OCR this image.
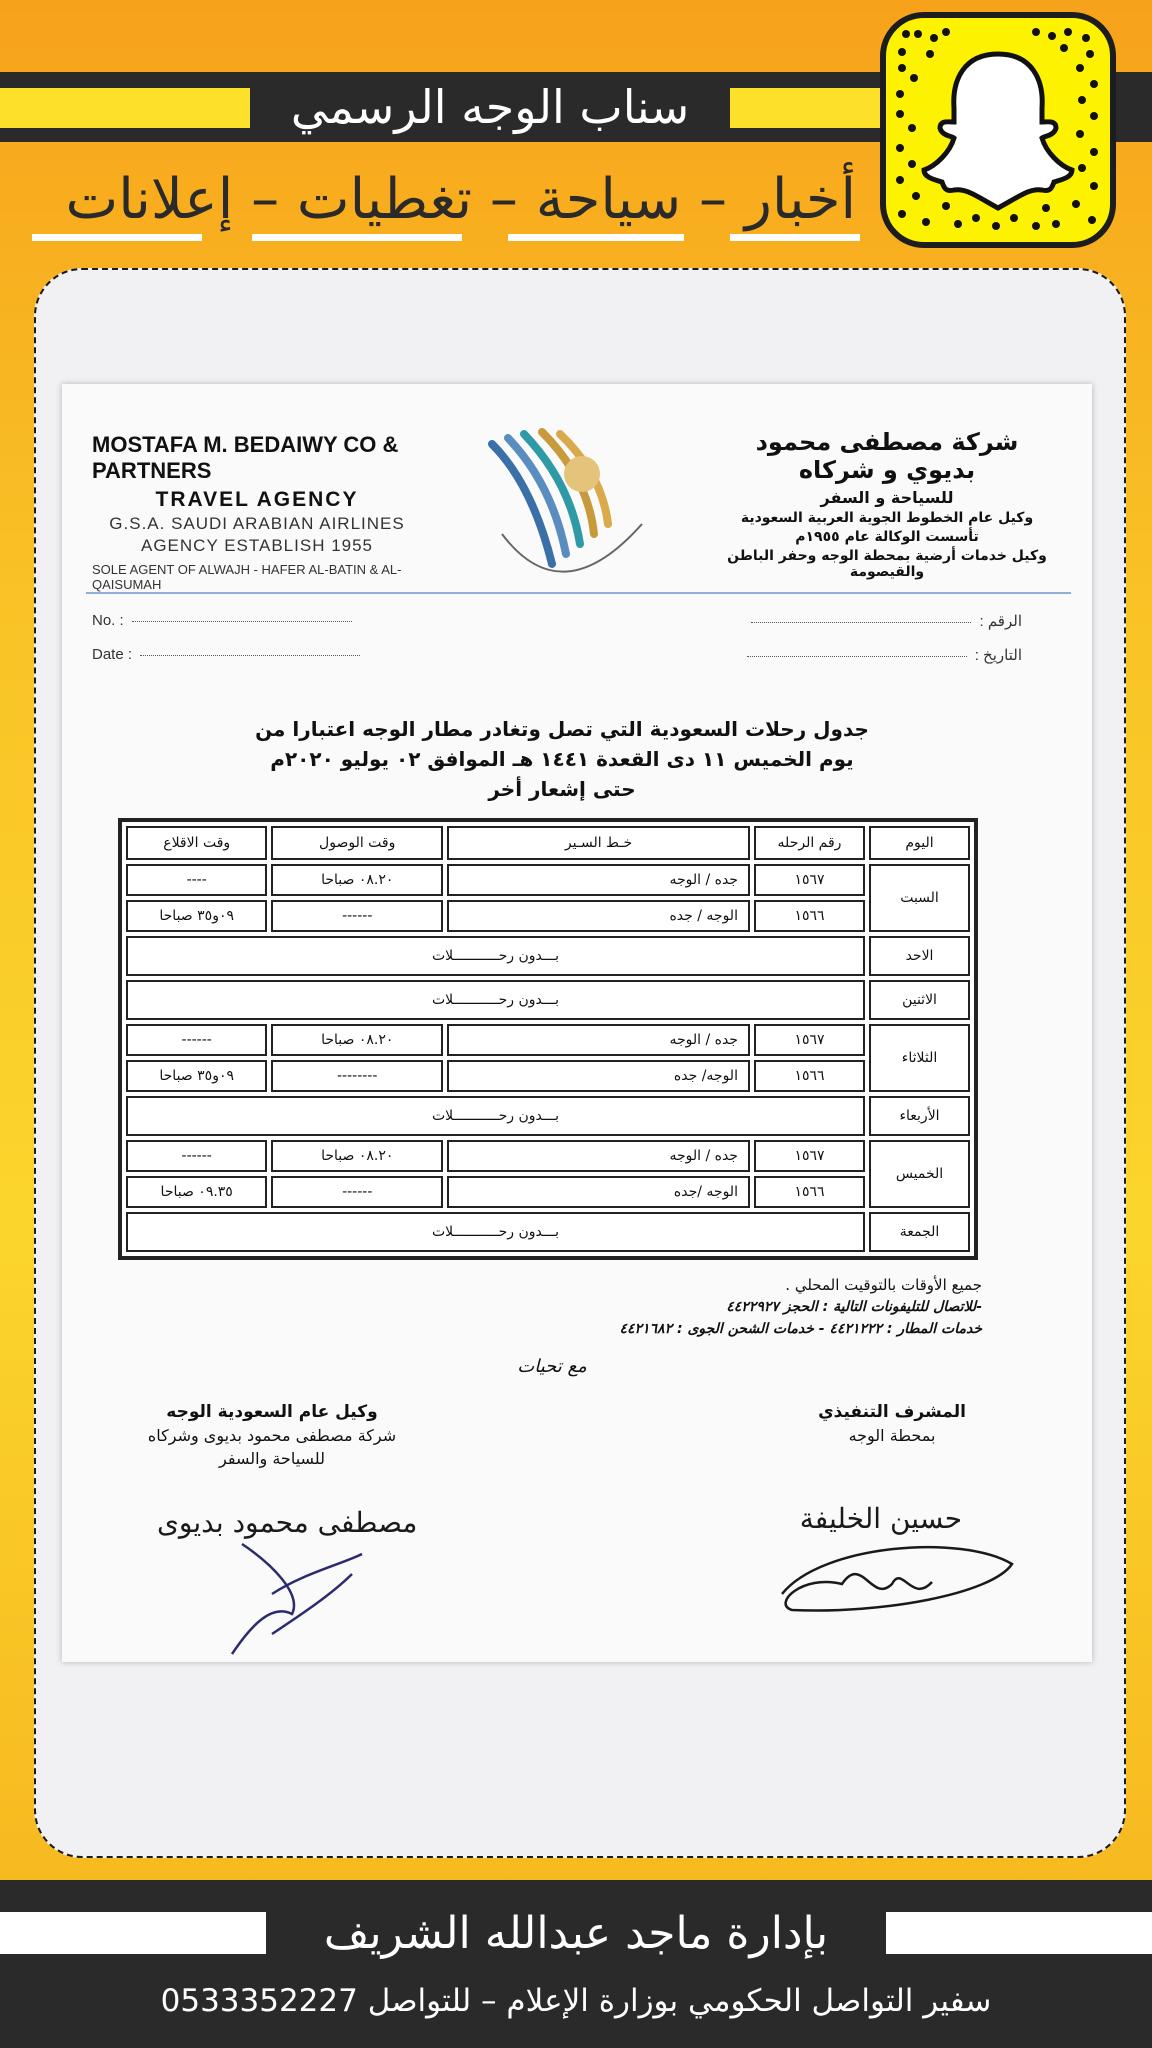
سناب الوجه الرسمي
أخبار – سياحة – تغطيات – إعلانات
MOSTAFA M. BEDAIWY CO & PARTNERS
TRAVEL AGENCY
G.S.A. SAUDI ARABIAN AIRLINES
AGENCY ESTABLISH 1955
SOLE AGENT OF ALWAJH - HAFER AL-BATIN & AL-QAISUMAH
شركة مصطفى محمود بديوي و شركاه
للسياحة و السفر
وكيل عام الخطوط الجوية العربية السعودية
تأسست الوكالة عام ١٩٥٥م
وكيل خدمات أرضية بمحطة الوجه وحفر الباطن والقيصومة
No. :
Date :
الرقم :
التاريخ :
جدول رحلات السعودية التي تصل وتغادر مطار الوجه اعتبارا من
يوم الخميس ١١ دى القعدة ١٤٤١ هـ الموافق ٠٢ يوليو ٢٠٢٠م
حتى إشعار أخر
اليوم	رقم الرحله	خـط السـير	وقت الوصول	وقت الاقلاع
السبت	١٥٦٧	جده / الوجه	٠٨.٢٠ صباحا	----
	١٥٦٦	الوجه / جده	------	٠٩و٣٥ صباحا
الاحد	بـــدون رحـــــــــــلات			
الاثنين	بـــدون رحـــــــــــلات			
الثلاثاء	١٥٦٧	جده / الوجه	٠٨.٢٠ صباحا	------
	١٥٦٦	الوجه/ جده	--------	٠٩و٣٥ صباحا
الأربعاء	بـــدون رحـــــــــــلات			
الخميس	١٥٦٧	جده / الوجه	٠٨.٢٠ صباحا	------
	١٥٦٦	الوجه /جده	------	٠٩.٣٥ صباحا
الجمعة	بـــدون رحـــــــــــلات			
جميع الأوقات بالتوقيت المحلي .
-للاتصال للتليفونات التالية : الحجز ٤٤٢٢٩٢٧
خدمات المطار : ٤٤٢١٢٢٢ - خدمات الشحن الجوى : ٤٤٢١٦٨٢
مع تحيات
المشرف التنفيذي
بمحطة الوجه
حسين الخليفة
وكيل عام السعودية الوجه
شركة مصطفى محمود بديوى وشركاه
للسياحة والسفر
مصطفى محمود بديوى
بإدارة ماجد عبدالله الشريف
سفير التواصل الحكومي بوزارة الإعلام – للتواصل 0533352227
